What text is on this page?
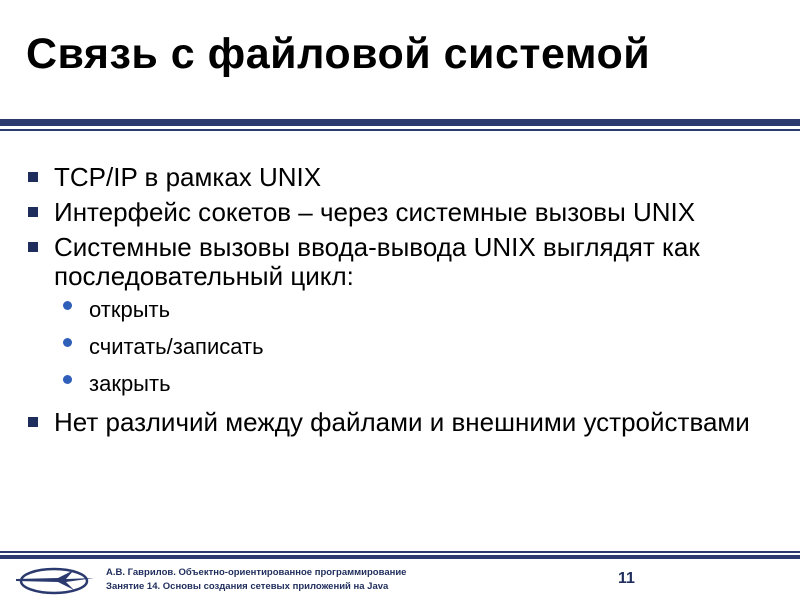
Связь с файловой системой
TCP/IP в рамках UNIX
Интерфейс сокетов – через системные вызовы UNIX
Системные вызовы ввода-вывода UNIX выглядят как последовательный цикл:
открыть
считать/записать
закрыть
Нет различий между файлами и внешними устройствами
А.В. Гаврилов. Объектно-ориентированное программирование
Занятие 14. Основы создания сетевых приложений на Java	11
